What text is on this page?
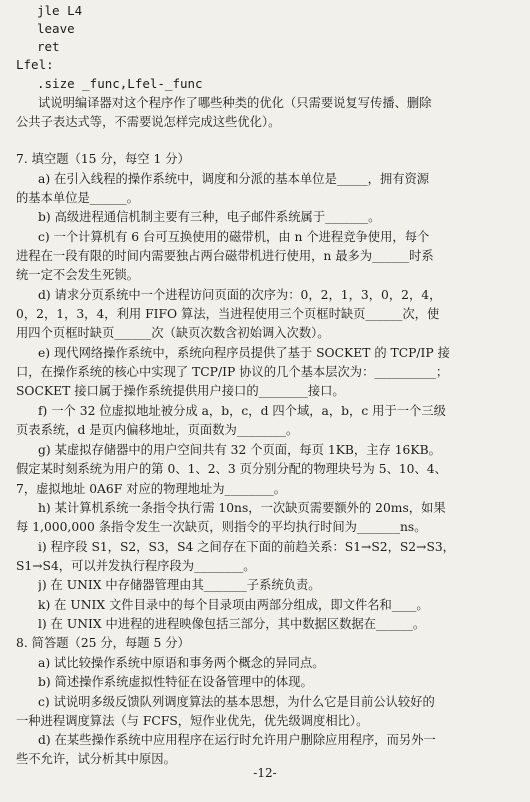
jle L4
leave
ret
Lfel:
.size _func,Lfel-_func
试说明编译器对这个程序作了哪些种类的优化（只需要说复写传播、删除
公共子表达式等，不需要说怎样完成这些优化）。
7. 填空题（15 分，每空 1 分）
a) 在引入线程的操作系统中，调度和分派的基本单位是_____，拥有资源
的基本单位是______。
b) 高级进程通信机制主要有三种，电子邮件系统属于_______。
c) 一个计算机有 6 台可互换使用的磁带机，由 n 个进程竞争使用，每个
进程在一段有限的时间内需要独占两台磁带机进行使用，n 最多为______时系
统一定不会发生死锁。
d) 请求分页系统中一个进程访问页面的次序为：0，2，1，3，0，2，4，
0，2，1，3，4，利用 FIFO 算法，当进程使用三个页框时缺页______次，使
用四个页框时缺页______次（缺页次数含初始调入次数）。
e) 现代网络操作系统中，系统向程序员提供了基于 SOCKET 的 TCP/IP 接
口，在操作系统的核心中实现了 TCP/IP 协议的几个基本层次为：__________；
SOCKET 接口属于操作系统提供用户接口的________接口。
f) 一个 32 位虚拟地址被分成 a，b，c，d 四个域，a，b，c 用于一个三级
页表系统，d 是页内偏移地址，页面数为________。
g) 某虚拟存储器中的用户空间共有 32 个页面，每页 1KB，主存 16KB。
假定某时刻系统为用户的第 0、1、2、3 页分别分配的物理块号为 5、10、4、
7，虚拟地址 0A6F 对应的物理地址为________。
h) 某计算机系统一条指令执行需 10ns，一次缺页需要额外的 20ms，如果
每 1,000,000 条指令发生一次缺页，则指令的平均执行时间为_______ns。
i) 程序段 S1，S2，S3，S4 之间存在下面的前趋关系：S1→S2，S2→S3，
S1→S4，可以并发执行程序段为________。
j) 在 UNIX 中存储器管理由其_______子系统负责。
k) 在 UNIX 文件目录中的每个目录项由两部分组成，即文件名和____。
l) 在 UNIX 中进程的进程映像包括三部分，其中数据区数据在______。
8. 简答题（25 分，每题 5 分）
a) 试比较操作系统中原语和事务两个概念的异同点。
b) 简述操作系统虚拟性特征在设备管理中的体现。
c) 试说明多级反馈队列调度算法的基本思想，为什么它是目前公认较好的
一种进程调度算法（与 FCFS，短作业优先，优先级调度相比）。
d) 在某些操作系统中应用程序在运行时允许用户删除应用程序，而另外一
些不允许，试分析其中原因。
-12-
